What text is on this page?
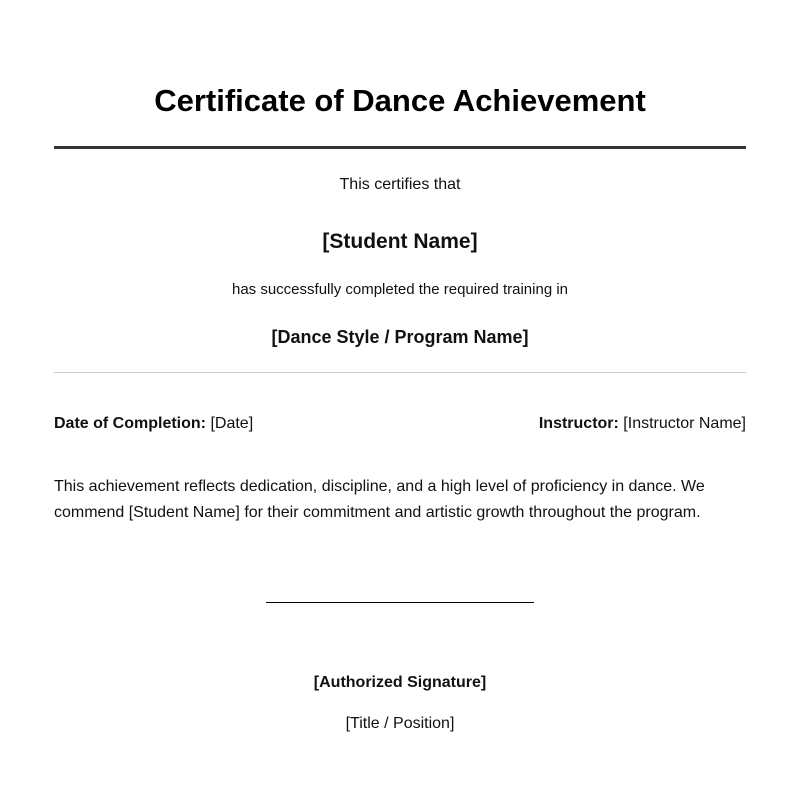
Certificate of Dance Achievement
This certifies that
[Student Name]
has successfully completed the required training in
[Dance Style / Program Name]
Date of Completion: [Date]	Instructor: [Instructor Name]

This achievement reflects dedication, discipline, and a high level of proficiency in dance. We commend [Student Name] for their commitment and artistic growth throughout the program.

[Authorized Signature]
[Title / Position]
